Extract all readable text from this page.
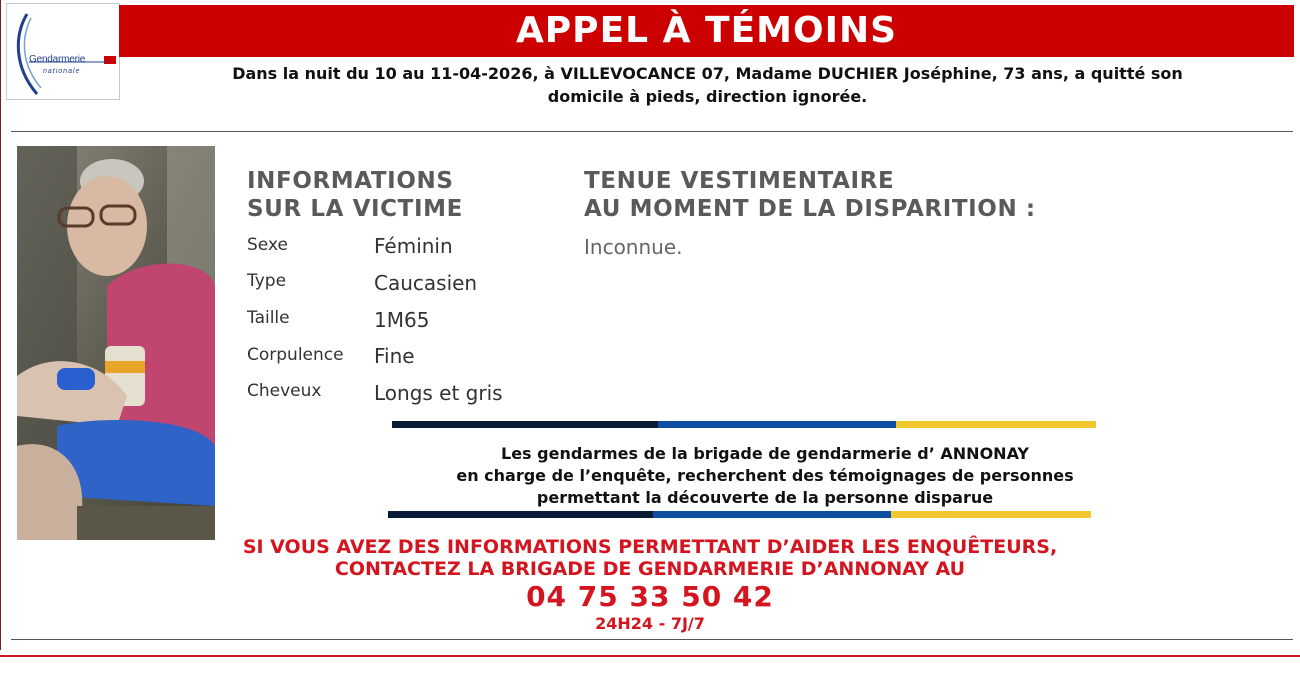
Gendarmerie
nationale
APPEL À TÉMOINS
Dans la nuit du 10 au 11-04-2026, à VILLEVOCANCE 07, Madame DUCHIER Joséphine, 73 ans, a quitté son
domicile à pieds, direction ignorée.
INFORMATIONS
SUR LA VICTIME
Sexe	Féminin
Type	Caucasien
Taille	1M65
Corpulence Fine
Cheveux	Longs et gris
TENUE VESTIMENTAIRE
AU MOMENT DE LA DISPARITION :
Inconnue.
Les gendarmes de la brigade de gendarmerie d’ ANNONAY
en charge de l’enquête, recherchent des témoignages de personnes
permettant la découverte de la personne disparue
SI VOUS AVEZ DES INFORMATIONS PERMETTANT D’AIDER LES ENQUÊTEURS,
CONTACTEZ LA BRIGADE DE GENDARMERIE D’ANNONAY AU
04 75 33 50 42
24H24 - 7J/7
